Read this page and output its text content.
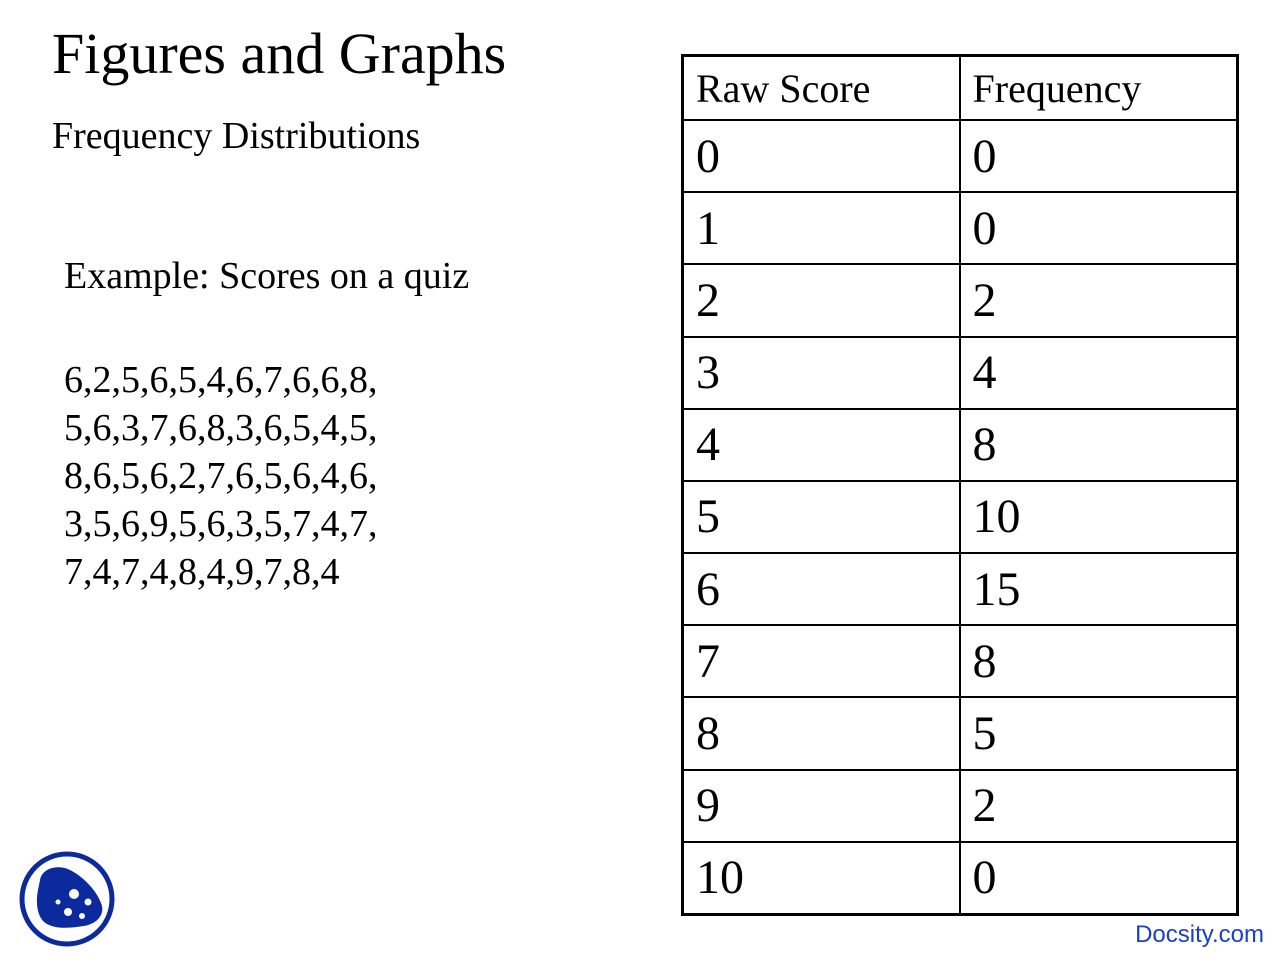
Figures and Graphs
Frequency Distributions
Example: Scores on a quiz
6,2,5,6,5,4,6,7,6,6,8,
5,6,3,7,6,8,3,6,5,4,5,
8,6,5,6,2,7,6,5,6,4,6,
3,5,6,9,5,6,3,5,7,4,7,
7,4,7,4,8,4,9,7,8,4
Raw Score	Frequency
0	0
1	0
2	2
3	4
4	8
5	10
6	15
7	8
8	5
9	2
10	0
Docsity.com
